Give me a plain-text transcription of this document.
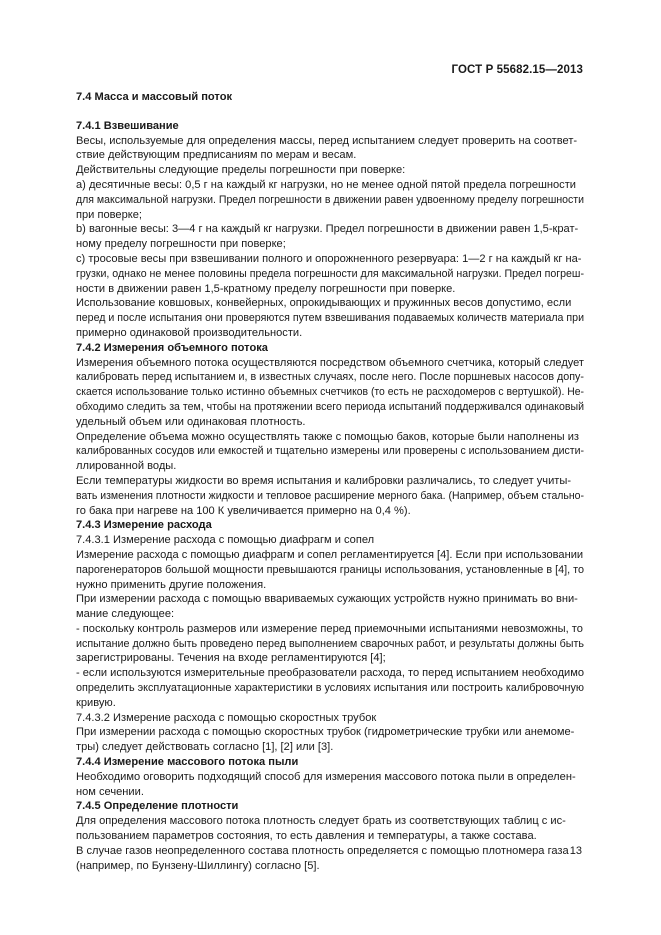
ГОСТ Р 55682.15—2013

7.4 Масса и массовый поток

7.4.1 Взвешивание

Весы, используемые для определения массы, перед испытанием следует проверить на соответ-
ствие действующим предписаниям по мерам и весам.
Действительны следующие пределы погрешности при поверке:
а) десятичные весы: 0,5 г на каждый кг нагрузки, но не менее одной пятой предела погрешности
для максимальной нагрузки. Предел погрешности в движении равен удвоенному пределу погрешности
при поверке;
b) вагонные весы: 3—4 г на каждый кг нагрузки. Предел погрешности в движении равен 1,5-крат-
ному пределу погрешности при поверке;
c) тросовые весы при взвешивании полного и опорожненного резервуара: 1—2 г на каждый кг на-
грузки, однако не менее половины предела погрешности для максимальной нагрузки. Предел погреш-
ности в движении равен 1,5-кратному пределу погрешности при поверке.
Использование ковшовых, конвейерных, опрокидывающих и пружинных весов допустимо, если
перед и после испытания они проверяются путем взвешивания подаваемых количеств материала при
примерно одинаковой производительности.

7.4.2 Измерения объемного потока

Измерения объемного потока осуществляются посредством объемного счетчика, который следует
калибровать перед испытанием и, в известных случаях, после него. После поршневых насосов допу-
скается использование только истинно объемных счетчиков (то есть не расходомеров с вертушкой). Не-
обходимо следить за тем, чтобы на протяжении всего периода испытаний поддерживался одинаковый
удельный объем или одинаковая плотность.
Определение объема можно осуществлять также с помощью баков, которые были наполнены из
калиброванных сосудов или емкостей и тщательно измерены или проверены с использованием дисти-
ллированной воды.
Если температуры жидкости во время испытания и калибровки различались, то следует учиты-
вать изменения плотности жидкости и тепловое расширение мерного бака. (Например, объем стально-
го бака при нагреве на 100 К увеличивается примерно на 0,4 %).

7.4.3 Измерение расхода

7.4.3.1 Измерение расхода с помощью диафрагм и сопел

Измерение расхода с помощью диафрагм и сопел регламентируется [4]. Если при использовании
парогенераторов большой мощности превышаются границы использования, установленные в [4], то
нужно применить другие положения.
При измерении расхода с помощью ввариваемых сужающих устройств нужно принимать во вни-
мание следующее:
- поскольку контроль размеров или измерение перед приемочными испытаниями невозможны, то
испытание должно быть проведено перед выполнением сварочных работ, и результаты должны быть
зарегистрированы. Течения на входе регламентируются [4];
- если используются измерительные преобразователи расхода, то перед испытанием необходимо
определить эксплуатационные характеристики в условиях испытания или построить калибровочную
кривую.

7.4.3.2 Измерение расхода с помощью скоростных трубок

При измерении расхода с помощью скоростных трубок (гидрометрические трубки или анемоме-
тры) следует действовать согласно [1], [2] или [3].

7.4.4 Измерение массового потока пыли

Необходимо оговорить подходящий способ для измерения массового потока пыли в определен-
ном сечении.

7.4.5 Определение плотности

Для определения массового потока плотность следует брать из соответствующих таблиц с ис-
пользованием параметров состояния, то есть давления и температуры, а также состава.
В случае газов неопределенного состава плотность определяется с помощью плотномера газа
(например, по Бунзену-Шиллингу) согласно [5].
13
